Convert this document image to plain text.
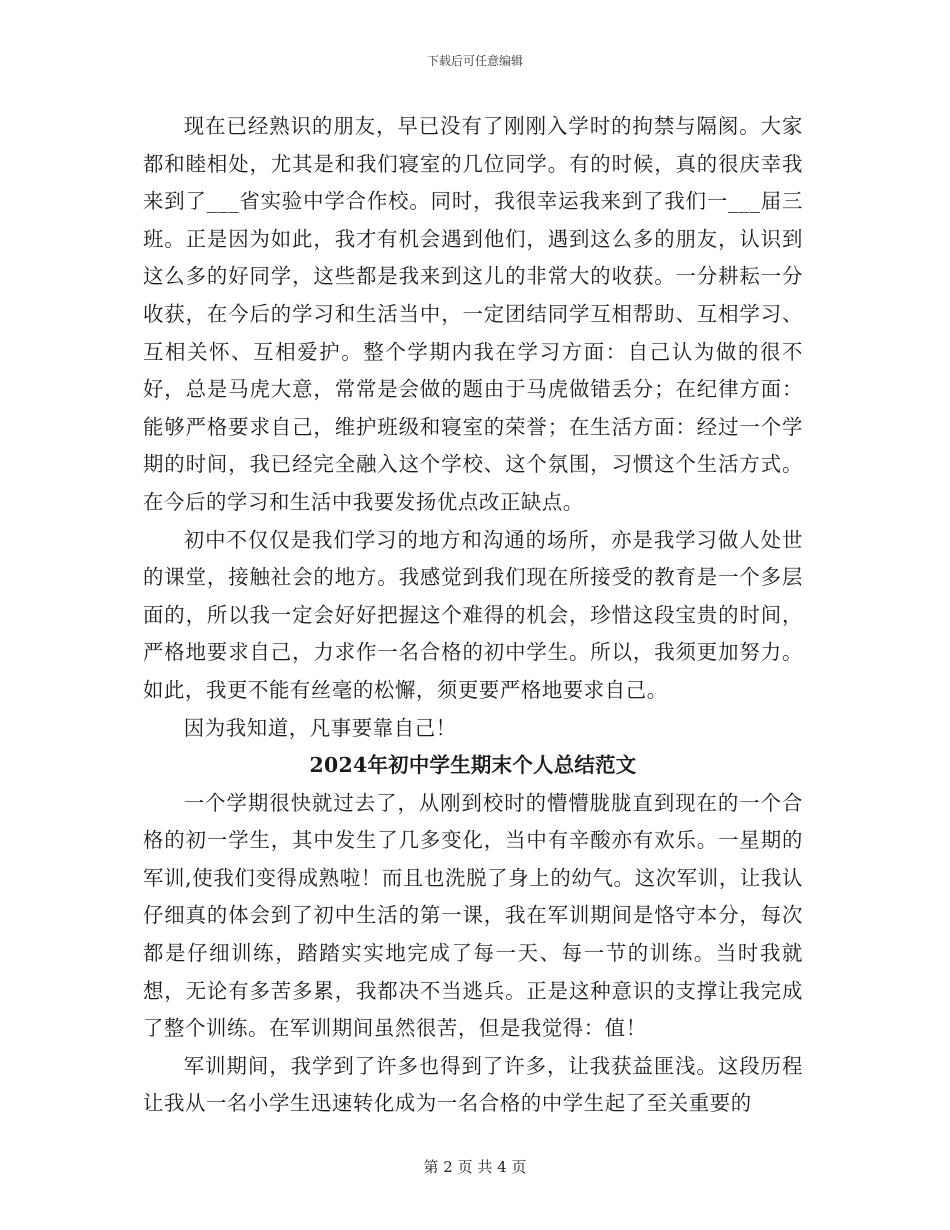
下载后可任意编辑

现在已经熟识的朋友，早已没有了刚刚入学时的拘禁与隔阂。大家都和睦相处，尤其是和我们寝室的几位同学。有的时候，真的很庆幸我来到了___省实验中学合作校。同时，我很幸运我来到了我们一___届三班。正是因为如此，我才有机会遇到他们，遇到这么多的朋友，认识到这么多的好同学，这些都是我来到这儿的非常大的收获。一分耕耘一分收获，在今后的学习和生活当中，一定团结同学互相帮助、互相学习、互相关怀、互相爱护。整个学期内我在学习方面：自己认为做的很不好，总是马虎大意，常常是会做的题由于马虎做错丢分；在纪律方面：能够严格要求自己，维护班级和寝室的荣誉；在生活方面：经过一个学期的时间，我已经完全融入这个学校、这个氛围，习惯这个生活方式。在今后的学习和生活中我要发扬优点改正缺点。

初中不仅仅是我们学习的地方和沟通的场所，亦是我学习做人处世的课堂，接触社会的地方。我感觉到我们现在所接受的教育是一个多层面的，所以我一定会好好把握这个难得的机会，珍惜这段宝贵的时间，严格地要求自己，力求作一名合格的初中学生。所以，我须更加努力。如此，我更不能有丝毫的松懈，须更要严格地要求自己。

因为我知道，凡事要靠自己！

2024年初中学生期末个人总结范文

一个学期很快就过去了，从刚到校时的懵懵胧胧直到现在的一个合格的初一学生，其中发生了几多变化，当中有辛酸亦有欢乐。一星期的军训,使我们变得成熟啦！而且也洗脱了身上的幼气。这次军训，让我认仔细真的体会到了初中生活的第一课，我在军训期间是恪守本分，每次都是仔细训练，踏踏实实地完成了每一天、每一节的训练。当时我就想，无论有多苦多累，我都决不当逃兵。正是这种意识的支撑让我完成了整个训练。在军训期间虽然很苦，但是我觉得：值！

军训期间，我学到了许多也得到了许多，让我获益匪浅。这段历程让我从一名小学生迅速转化成为一名合格的中学生起了至关重要的

第 2 页 共 4 页
